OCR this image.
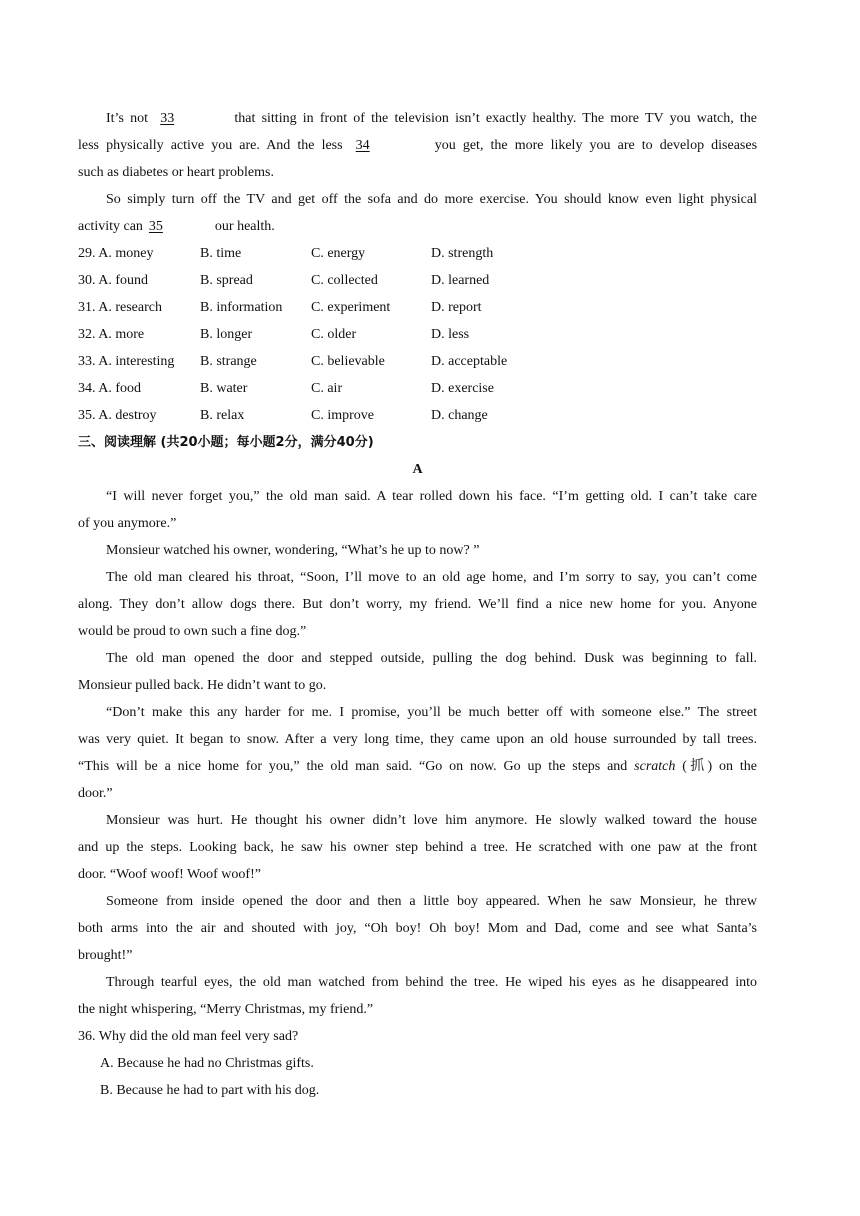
It’s not 33	that sitting in front of the television isn’t exactly healthy. The more TV you watch, the
less physically active you are. And the less 34	you get, the more likely you are to develop diseases
such as diabetes or heart problems.
So simply turn off the TV and get off the sofa and do more exercise. You should know even light physical
activity can 35	our health.
29. A. money	B. time	C. energy	D. strength
30. A. found	B. spread	C. collected	D. learned
31. A. research	B. information C. experiment	D. report
32. A. more	B. longer	C. older	D. less
33. A. interesting B. strange	C. believable	D. acceptable
34. A. food	B. water	C. air	D. exercise
35. A. destroy	B. relax	C. improve	D. change
三、阅读理解 (共20小题；每小题2分，满分40分)
A
“I will never forget you,” the old man said. A tear rolled down his face. “I’m getting old. I can’t take care
of you anymore.”
Monsieur watched his owner, wondering, “What’s he up to now? ”
The old man cleared his throat, “Soon, I’ll move to an old age home, and I’m sorry to say, you can’t come
along. They don’t allow dogs there. But don’t worry, my friend. We’ll find a nice new home for you. Anyone
would be proud to own such a fine dog.”
The old man opened the door and stepped outside, pulling the dog behind. Dusk was beginning to fall.
Monsieur pulled back. He didn’t want to go.
“Don’t make this any harder for me. I promise, you’ll be much better off with someone else.” The street
was very quiet. It began to snow. After a very long time, they came upon an old house surrounded by tall trees.
“This will be a nice home for you,” the old man said. “Go on now. Go up the steps and scratch (抓) on the
door.”
Monsieur was hurt. He thought his owner didn’t love him anymore. He slowly walked toward the house
and up the steps. Looking back, he saw his owner step behind a tree. He scratched with one paw at the front
door. “Woof woof! Woof woof!”
Someone from inside opened the door and then a little boy appeared. When he saw Monsieur, he threw
both arms into the air and shouted with joy, “Oh boy! Oh boy! Mom and Dad, come and see what Santa’s
brought!”
Through tearful eyes, the old man watched from behind the tree. He wiped his eyes as he disappeared into
the night whispering, “Merry Christmas, my friend.”
36. Why did the old man feel very sad?
A. Because he had no Christmas gifts.
B. Because he had to part with his dog.
